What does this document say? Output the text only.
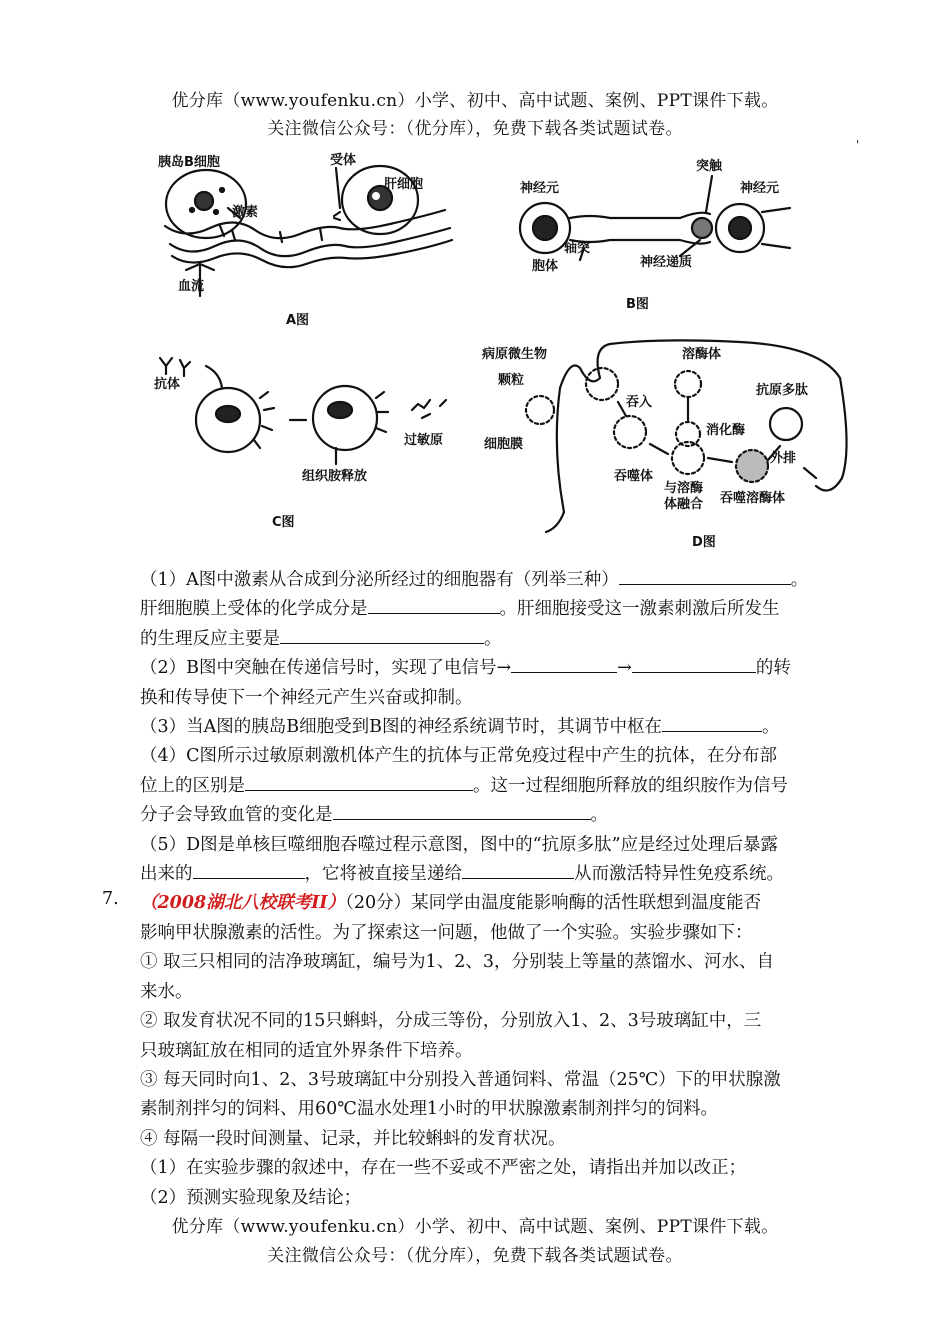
优分库（www.youfenku.cn）小学、初中、高中试题、案例、PPT课件下载。
关注微信公众号：（优分库），免费下载各类试题试卷。
'
胰岛B细胞	受体
肝细胞
激素
血流
A图
神经元
突触
神经元
胞体
轴突
神经递质
B图
抗体
过敏原
组织胺释放
C图
病原微生物
颗粒
细胞膜
吞入
吞噬体
溶酶体
消化酶
与溶酶
体融合
抗原多肽
外排
吞噬溶酶体
D图

（1）A图中激素从合成到分泌所经过的细胞器有（列举三种）	。

肝细胞膜上受体的化学成分是	。肝细胞接受这一激素刺激后所发生

的生理反应主要是	。

（2）B图中突触在传递信号时，实现了电信号→	→	的转

换和传导使下一个神经元产生兴奋或抑制。

（3）当A图的胰岛B细胞受到B图的神经系统调节时，其调节中枢在	。

（4）C图所示过敏原刺激机体产生的抗体与正常免疫过程中产生的抗体，在分布部

位上的区别是	。这一过程细胞所释放的组织胺作为信号

分子会导致血管的变化是	。

（5）D图是单核巨噬细胞吞噬过程示意图，图中的“抗原多肽”应是经过处理后暴露

出来的	，它将被直接呈递给	从而激活特异性免疫系统。

（2008湖北八校联考II）（20分）某同学由温度能影响酶的活性联想到温度能否

影响甲状腺激素的活性。为了探索这一问题，他做了一个实验。实验步骤如下：

① 取三只相同的洁净玻璃缸，编号为1、2、3，分别装上等量的蒸馏水、河水、自

来水。

② 取发育状况不同的15只蝌蚪，分成三等份，分别放入1、2、3号玻璃缸中，三

只玻璃缸放在相同的适宜外界条件下培养。

③ 每天同时向1、2、3号玻璃缸中分别投入普通饲料、常温（25℃）下的甲状腺激

素制剂拌匀的饲料、用60℃温水处理1小时的甲状腺激素制剂拌匀的饲料。

④ 每隔一段时间测量、记录，并比较蝌蚪的发育状况。

（1）在实验步骤的叙述中，存在一些不妥或不严密之处，请指出并加以改正；

（2）预测实验现象及结论；

7.
优分库（www.youfenku.cn）小学、初中、高中试题、案例、PPT课件下载。
关注微信公众号：（优分库），免费下载各类试题试卷。
